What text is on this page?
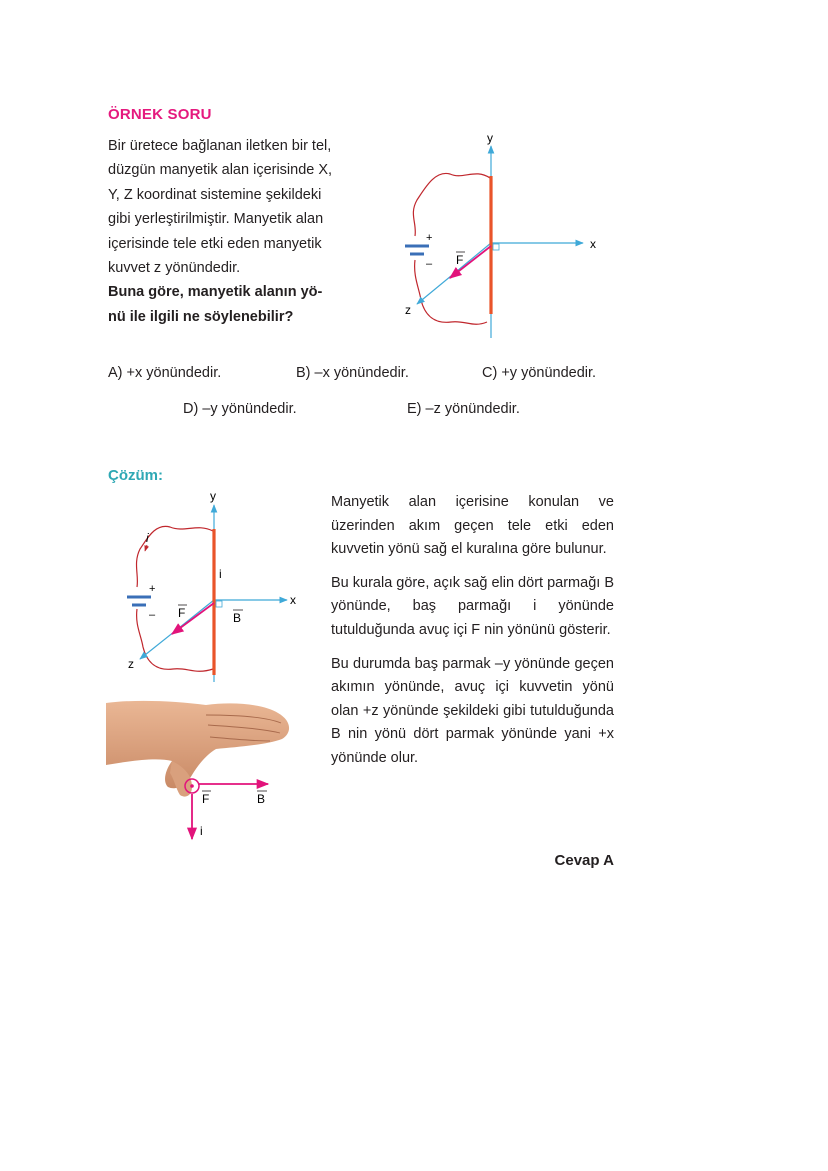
ÖRNEK SORU

Bir üretece bağlanan iletken bir tel,

düzgün manyetik alan içerisinde X,

Y, Z koordinat sistemine şekildeki

gibi yerleştirilmiştir. Manyetik alan

içerisinde tele etki eden manyetik

kuvvet z yönündedir.

Buna göre, manyetik alanın yö-

nü ile ilgili ne söylenebilir?

+
–
y
x
z
F
A) +x yönündedir.	B) –x yönündedir.	C) +y yönündedir.
D) –y yönündedir.	E) –z yönündedir.
Çözüm:
i
+
–
y
x
z
i
F	B
F	B
i

Manyetik alan içerisine konulan ve üzerinden akım geçen tele etki eden kuvvetin yönü sağ el kuralına göre bulunur.

Bu kurala göre, açık sağ elin dört parmağı B yönünde, baş parmağı i yönünde tutulduğunda avuç içi F nin yönünü gösterir.

Bu durumda baş parmak –y yönünde geçen akımın yönünde, avuç içi kuvvetin yönü olan +z yönünde şekildeki gibi tutulduğunda B nin yönü dört parmak yönünde yani +x yönünde olur.

Cevap A
